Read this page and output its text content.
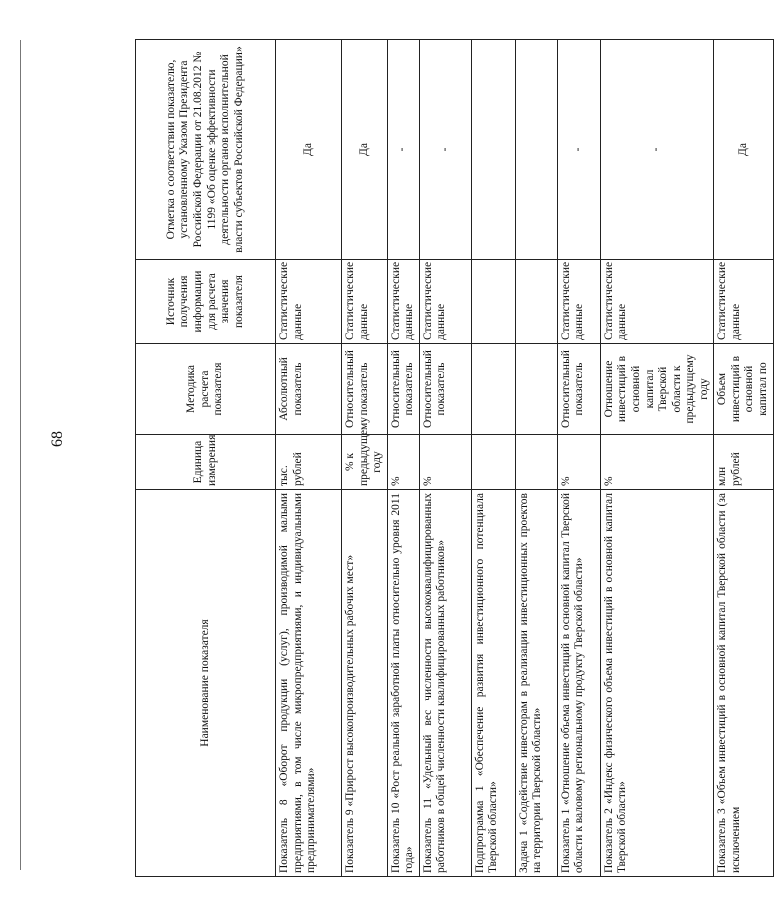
68
Наименование показателя	Единица измерения	Методика расчета показателя	Источник получения информации для расчета значения показателя	Отметка о соответствии показателю, установленному Указом Президента Российской Федерации от 21.08.2012 № 1199 «Об оценке эффективности деятельности органов исполнительной власти субъектов Российской Федерации»
Показатель 8 «Оборот продукции (услуг), производимой малыми предприятиями, в том числе микропредприятиями, и индивидуальными предпринимателями»	тыс. рублей	Абсолютный показатель	Статистические данные	Да
Показатель 9 «Прирост высокопроизводительных рабочих мест»	% к предыдущему году	Относительный показатель	Статистические данные	Да
Показатель 10 «Рост реальной заработной платы относительно уровня 2011 года»	%	Относительный показатель	Статистические данные	-
Показатель 11 «Удельный вес численности высококвалифицированных работников в общей численности квалифицированных работников»	%	Относительный показатель	Статистические данные	-
Подпрограмма 1 «Обеспечение развития инвестиционного потенциала Тверской области»				
Задача 1 «Содействие инвесторам в реализации инвестиционных проектов на территории Тверской области»				
Показатель 1 «Отношение объема инвестиций в основной капитал Тверской области к валовому региональному продукту Тверской области»	%	Относительный показатель	Статистические данные	-
Показатель 2 «Индекс физического объема инвестиций в основной капитал Тверской области»	%	Отношение инвестиций в основной капитал Тверской области к предыдущему году	Статистические данные	-
Показатель 3 «Объем инвестиций в основной капитал Тверской области (за исключением	млн рублей	Объем инвестиций в основной капитал по	Статистические данные	Да
